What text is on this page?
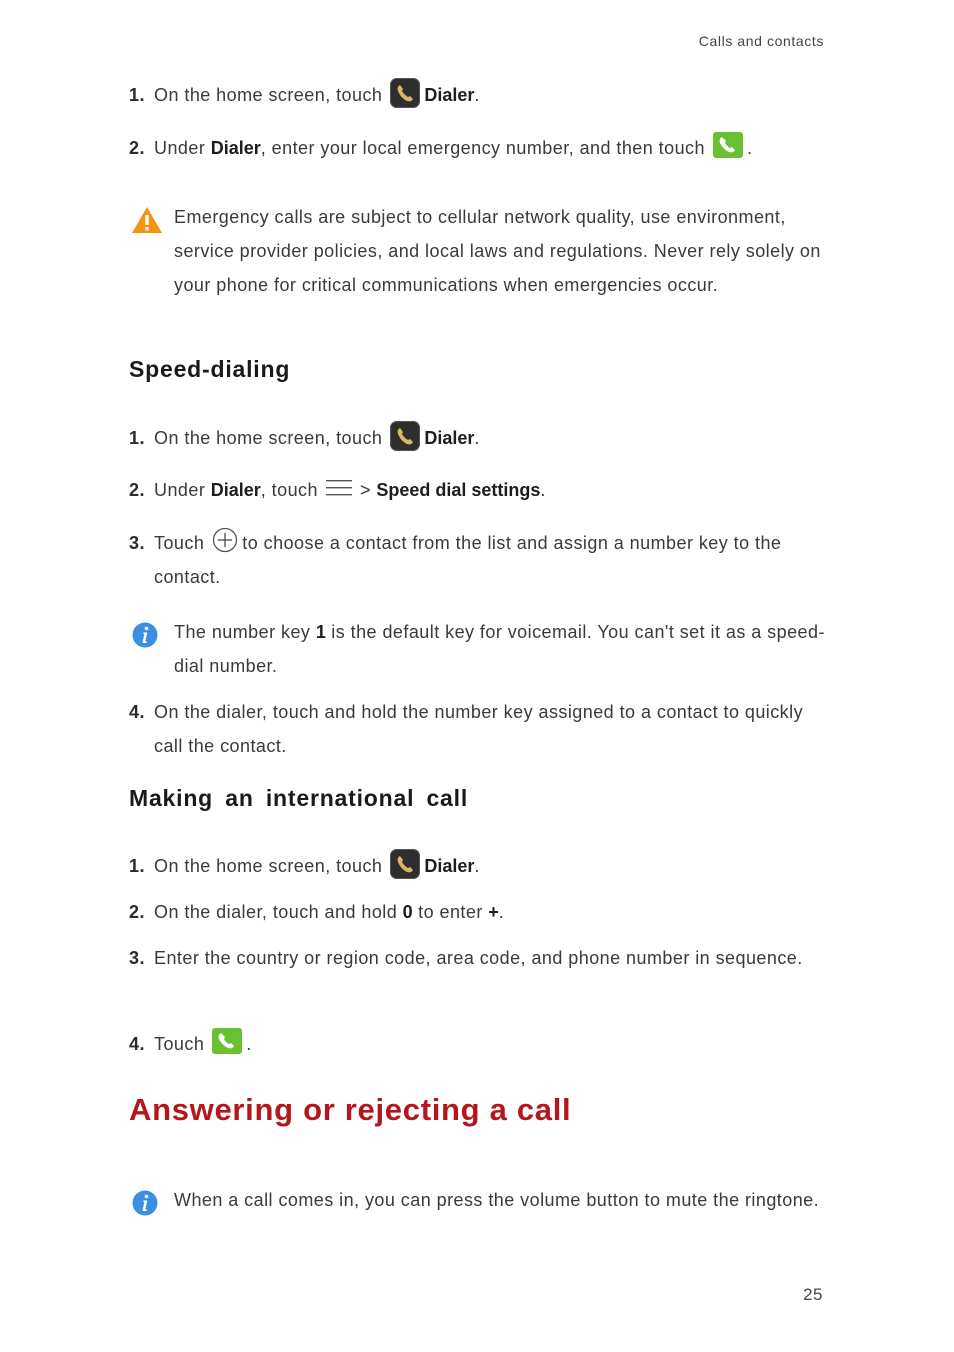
Calls and contacts
1. On the home screen, touch Dialer.
2. Under Dialer, enter your local emergency number, and then touch .
Emergency calls are subject to cellular network quality, use environment, service provider policies, and local laws and regulations. Never rely solely on your phone for critical communications when emergencies occur.
Speed-dialing
1. On the home screen, touch Dialer.
2. Under Dialer, touch > Speed dial settings.
3. Touch to choose a contact from the list and assign a number key to the contact.
The number key 1 is the default key for voicemail. You can't set it as a speed-dial number.
4. On the dialer, touch and hold the number key assigned to a contact to quickly call the contact.
Making an international call
1. On the home screen, touch Dialer.
2. On the dialer, touch and hold 0 to enter +.
3. Enter the country or region code, area code, and phone number in sequence.
4. Touch .
Answering or rejecting a call
When a call comes in, you can press the volume button to mute the ringtone.
25
